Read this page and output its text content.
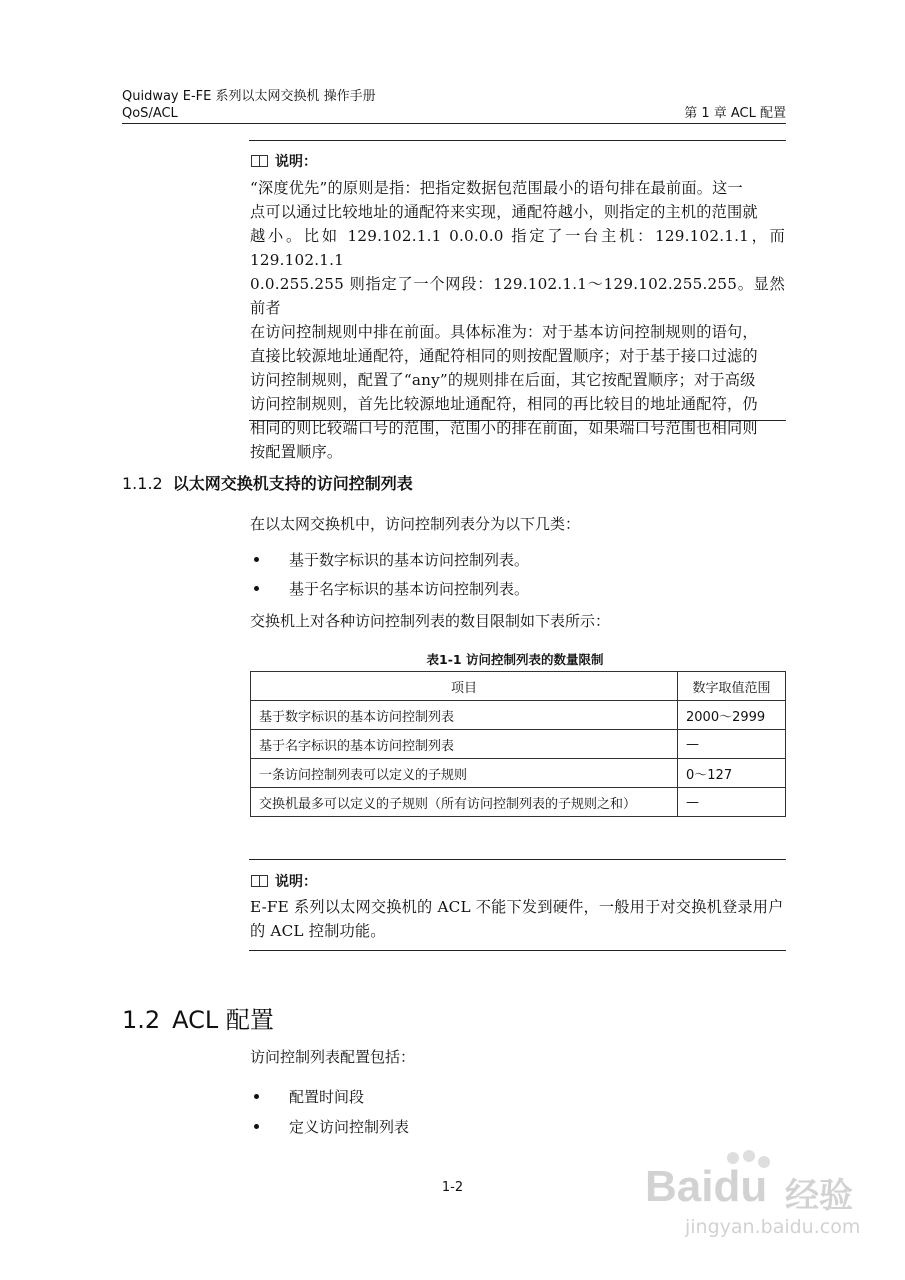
Quidway E-FE 系列以太网交换机 操作手册
QoS/ACL	第 1 章 ACL 配置
说明：
“深度优先”的原则是指：把指定数据包范围最小的语句排在最前面。这一
点可以通过比较地址的通配符来实现，通配符越小，则指定的主机的范围就
越小。比如 129.102.1.1 0.0.0.0 指定了一台主机：129.102.1.1，而 129.102.1.1
0.0.255.255 则指定了一个网段：129.102.1.1～129.102.255.255。显然前者
在访问控制规则中排在前面。具体标准为：对于基本访问控制规则的语句，
直接比较源地址通配符，通配符相同的则按配置顺序；对于基于接口过滤的
访问控制规则，配置了“any”的规则排在后面，其它按配置顺序；对于高级
访问控制规则，首先比较源地址通配符，相同的再比较目的地址通配符，仍
相同的则比较端口号的范围，范围小的排在前面，如果端口号范围也相同则
按配置顺序。
1.1.2 以太网交换机支持的访问控制列表
在以太网交换机中，访问控制列表分为以下几类：
基于数字标识的基本访问控制列表。
基于名字标识的基本访问控制列表。
交换机上对各种访问控制列表的数目限制如下表所示：
表1-1 访问控制列表的数量限制
项目	数字取值范围
基于数字标识的基本访问控制列表	2000～2999
基于名字标识的基本访问控制列表	—
一条访问控制列表可以定义的子规则	0～127
交换机最多可以定义的子规则（所有访问控制列表的子规则之和）	—
说明：
E-FE 系列以太网交换机的 ACL 不能下发到硬件，一般用于对交换机登录用户
的 ACL 控制功能。
1.2 ACL 配置
访问控制列表配置包括：
配置时间段
定义访问控制列表
1-2	Baidu 经验
jingyan.baidu.com
